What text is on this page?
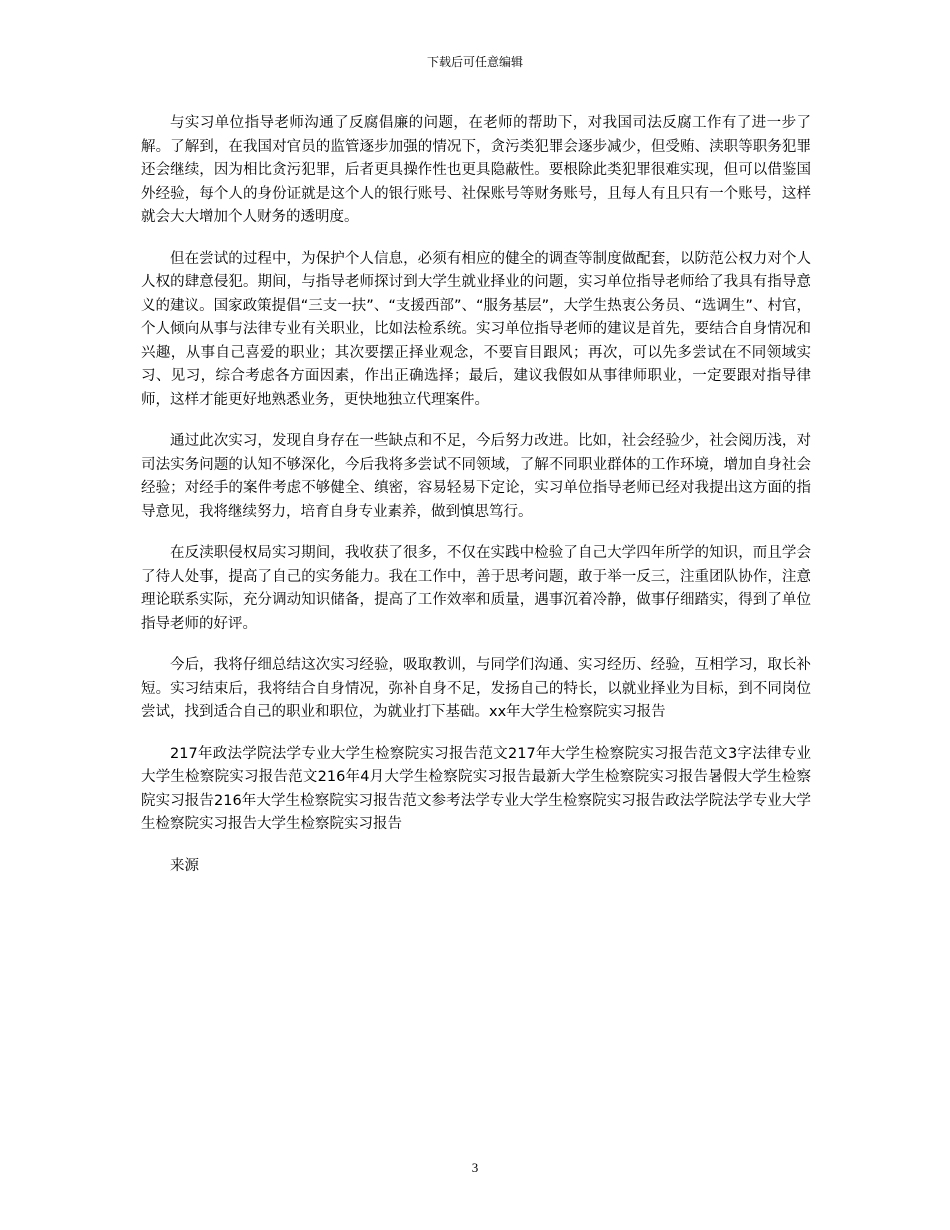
下载后可任意编辑

与实习单位指导老师沟通了反腐倡廉的问题，在老师的帮助下，对我国司法反腐工作有了进一步了解。了解到，在我国对官员的监管逐步加强的情况下，贪污类犯罪会逐步减少，但受贿、渎职等职务犯罪还会继续，因为相比贪污犯罪，后者更具操作性也更具隐蔽性。要根除此类犯罪很难实现，但可以借鉴国外经验，每个人的身份证就是这个人的银行账号、社保账号等财务账号，且每人有且只有一个账号，这样就会大大增加个人财务的透明度。

但在尝试的过程中，为保护个人信息，必须有相应的健全的调查等制度做配套，以防范公权力对个人人权的肆意侵犯。期间，与指导老师探讨到大学生就业择业的问题，实习单位指导老师给了我具有指导意义的建议。国家政策提倡“三支一扶”、“支援西部”、“服务基层”，大学生热衷公务员、“选调生”、村官，个人倾向从事与法律专业有关职业，比如法检系统。实习单位指导老师的建议是首先，要结合自身情况和兴趣，从事自己喜爱的职业；其次要摆正择业观念，不要盲目跟风；再次，可以先多尝试在不同领域实习、见习，综合考虑各方面因素，作出正确选择；最后，建议我假如从事律师职业，一定要跟对指导律师，这样才能更好地熟悉业务，更快地独立代理案件。

通过此次实习，发现自身存在一些缺点和不足，今后努力改进。比如，社会经验少，社会阅历浅，对司法实务问题的认知不够深化，今后我将多尝试不同领域，了解不同职业群体的工作环境，增加自身社会经验；对经手的案件考虑不够健全、缜密，容易轻易下定论，实习单位指导老师已经对我提出这方面的指导意见，我将继续努力，培育自身专业素养，做到慎思笃行。

在反渎职侵权局实习期间，我收获了很多，不仅在实践中检验了自己大学四年所学的知识，而且学会了待人处事，提高了自己的实务能力。我在工作中，善于思考问题，敢于举一反三，注重团队协作，注意理论联系实际，充分调动知识储备，提高了工作效率和质量，遇事沉着冷静，做事仔细踏实，得到了单位指导老师的好评。

今后，我将仔细总结这次实习经验，吸取教训，与同学们沟通、实习经历、经验，互相学习，取长补短。实习结束后，我将结合自身情况，弥补自身不足，发扬自己的特长，以就业择业为目标，到不同岗位尝试，找到适合自己的职业和职位，为就业打下基础。xx年大学生检察院实习报告

217年政法学院法学专业大学生检察院实习报告范文217年大学生检察院实习报告范文3字法律专业大学生检察院实习报告范文216年4月大学生检察院实习报告最新大学生检察院实习报告暑假大学生检察院实习报告216年大学生检察院实习报告范文参考法学专业大学生检察院实习报告政法学院法学专业大学生检察院实习报告大学生检察院实习报告

来源

3
